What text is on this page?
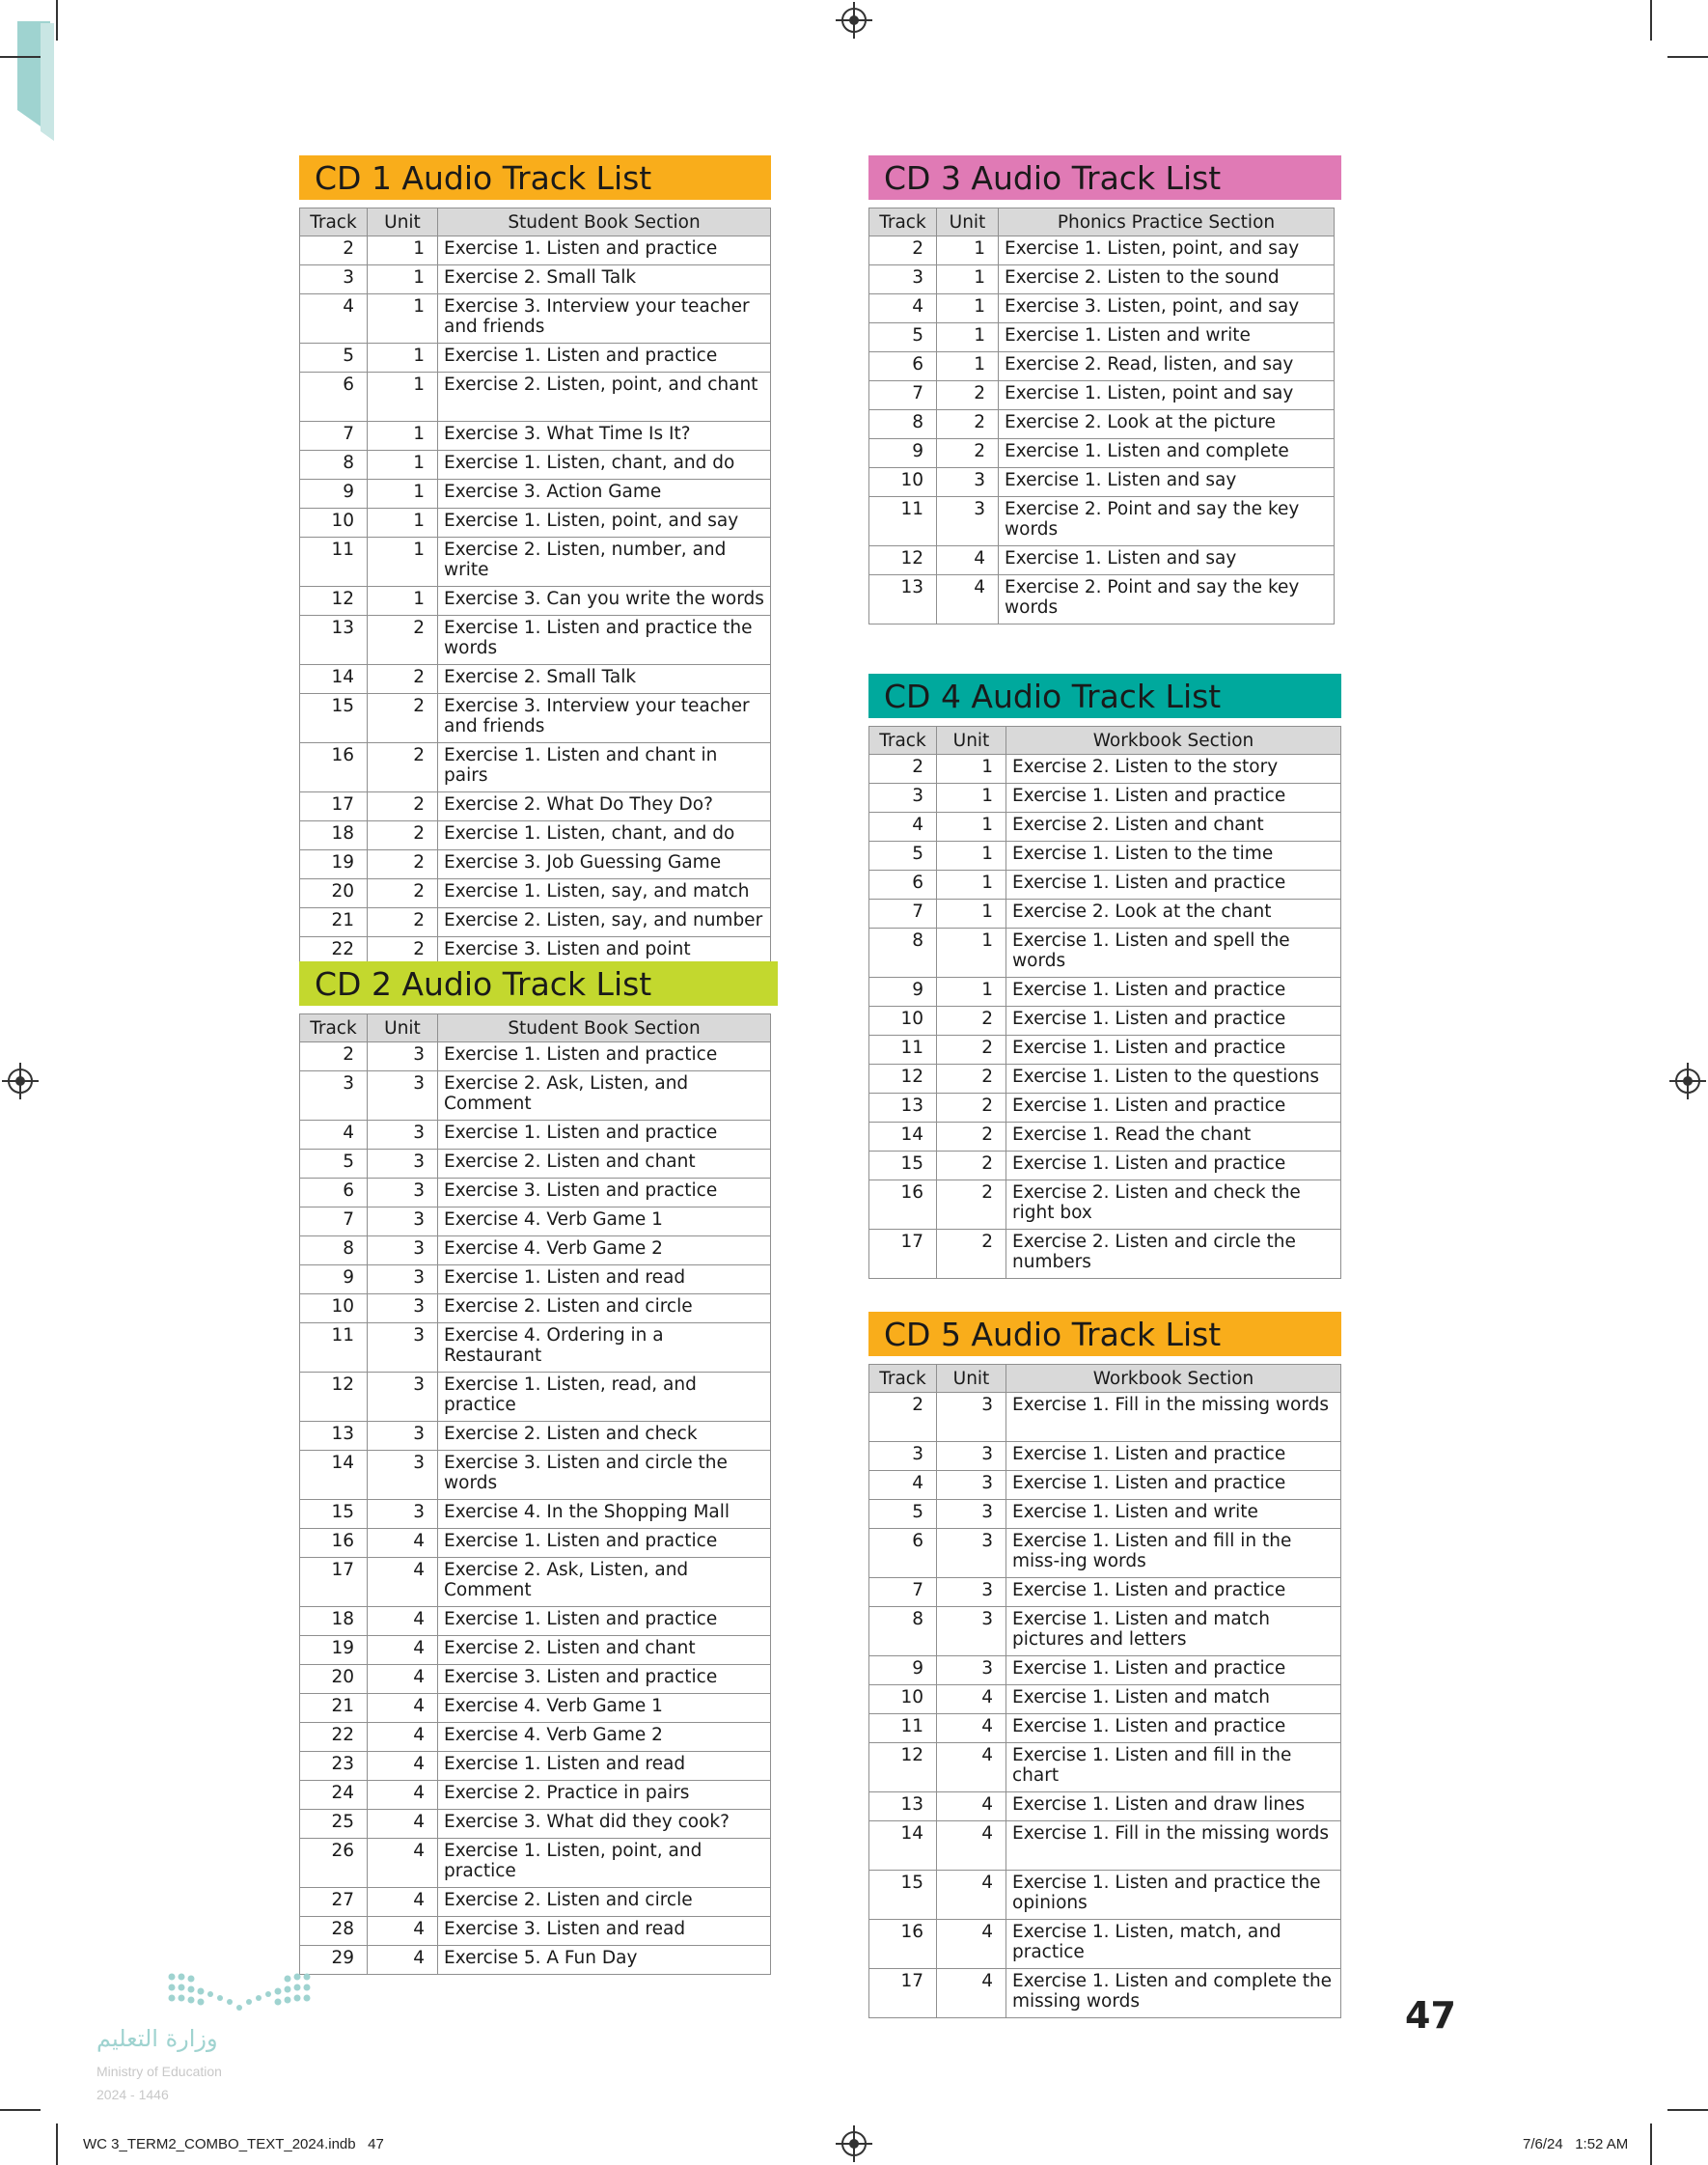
CD 1 Audio Track List
Track	Unit	Student Book Section
2	1	Exercise 1. Listen and practice
3	1	Exercise 2. Small Talk
4	1	Exercise 3. Interview your teacher and friends
5	1	Exercise 1. Listen and practice
6	1	Exercise 2. Listen, point, and chant
7	1	Exercise 3. What Time Is It?
8	1	Exercise 1. Listen, chant, and do
9	1	Exercise 3. Action Game
10	1	Exercise 1. Listen, point, and say
11	1	Exercise 2. Listen, number, and write
12	1	Exercise 3. Can you write the words
13	2	Exercise 1. Listen and practice the words
14	2	Exercise 2. Small Talk
15	2	Exercise 3. Interview your teacher and friends
16	2	Exercise 1. Listen and chant in pairs
17	2	Exercise 2. What Do They Do?
18	2	Exercise 1. Listen, chant, and do
19	2	Exercise 3. Job Guessing Game
20	2	Exercise 1. Listen, say, and match
21	2	Exercise 2. Listen, say, and number
22	2	Exercise 3. Listen and point
CD 2 Audio Track List
Track	Unit	Student Book Section
2	3	Exercise 1. Listen and practice
3	3	Exercise 2. Ask, Listen, and Comment
4	3	Exercise 1. Listen and practice
5	3	Exercise 2. Listen and chant
6	3	Exercise 3. Listen and practice
7	3	Exercise 4. Verb Game 1
8	3	Exercise 4. Verb Game 2
9	3	Exercise 1. Listen and read
10	3	Exercise 2. Listen and circle
11	3	Exercise 4. Ordering in a Restaurant
12	3	Exercise 1. Listen, read, and practice
13	3	Exercise 2. Listen and check
14	3	Exercise 3. Listen and circle the words
15	3	Exercise 4. In the Shopping Mall
16	4	Exercise 1. Listen and practice
17	4	Exercise 2. Ask, Listen, and Comment
18	4	Exercise 1. Listen and practice
19	4	Exercise 2. Listen and chant
20	4	Exercise 3. Listen and practice
21	4	Exercise 4. Verb Game 1
22	4	Exercise 4. Verb Game 2
23	4	Exercise 1. Listen and read
24	4	Exercise 2. Practice in pairs
25	4	Exercise 3. What did they cook?
26	4	Exercise 1. Listen, point, and practice
27	4	Exercise 2. Listen and circle
28	4	Exercise 3. Listen and read
29	4	Exercise 5. A Fun Day
CD 3 Audio Track List
Track	Unit	Phonics Practice Section
2	1	Exercise 1. Listen, point, and say
3	1	Exercise 2. Listen to the sound
4	1	Exercise 3. Listen, point, and say
5	1	Exercise 1. Listen and write
6	1	Exercise 2. Read, listen, and say
7	2	Exercise 1. Listen, point and say
8	2	Exercise 2. Look at the picture
9	2	Exercise 1. Listen and complete
10	3	Exercise 1. Listen and say
11	3	Exercise 2. Point and say the key words
12	4	Exercise 1. Listen and say
13	4	Exercise 2. Point and say the key words
CD 4 Audio Track List
Track	Unit	Workbook Section
2	1	Exercise 2. Listen to the story
3	1	Exercise 1. Listen and practice
4	1	Exercise 2. Listen and chant
5	1	Exercise 1. Listen to the time
6	1	Exercise 1. Listen and practice
7	1	Exercise 2. Look at the chant
8	1	Exercise 1. Listen and spell the words
9	1	Exercise 1. Listen and practice
10	2	Exercise 1. Listen and practice
11	2	Exercise 1. Listen and practice
12	2	Exercise 1. Listen to the questions
13	2	Exercise 1. Listen and practice
14	2	Exercise 1. Read the chant
15	2	Exercise 1. Listen and practice
16	2	Exercise 2. Listen and check the right box
17	2	Exercise 2. Listen and circle the numbers
CD 5 Audio Track List
Track	Unit	Workbook Section
2	3	Exercise 1. Fill in the missing words
3	3	Exercise 1. Listen and practice
4	3	Exercise 1. Listen and practice
5	3	Exercise 1. Listen and write
6	3	Exercise 1. Listen and fill in the miss-ing words
7	3	Exercise 1. Listen and practice
8	3	Exercise 1. Listen and match pictures and letters
9	3	Exercise 1. Listen and practice
10	4	Exercise 1. Listen and match
11	4	Exercise 1. Listen and practice
12	4	Exercise 1. Listen and fill in the chart
13	4	Exercise 1. Listen and draw lines
14	4	Exercise 1. Fill in the missing words
15	4	Exercise 1. Listen and practice the opinions
16	4	Exercise 1. Listen, match, and practice
17	4	Exercise 1. Listen and complete the missing words	47
وزارة التعليم
Ministry of Education
2024 - 1446
WC 3_TERM2_COMBO_TEXT_2024.indb   47	7/6/24   1:52 AM
